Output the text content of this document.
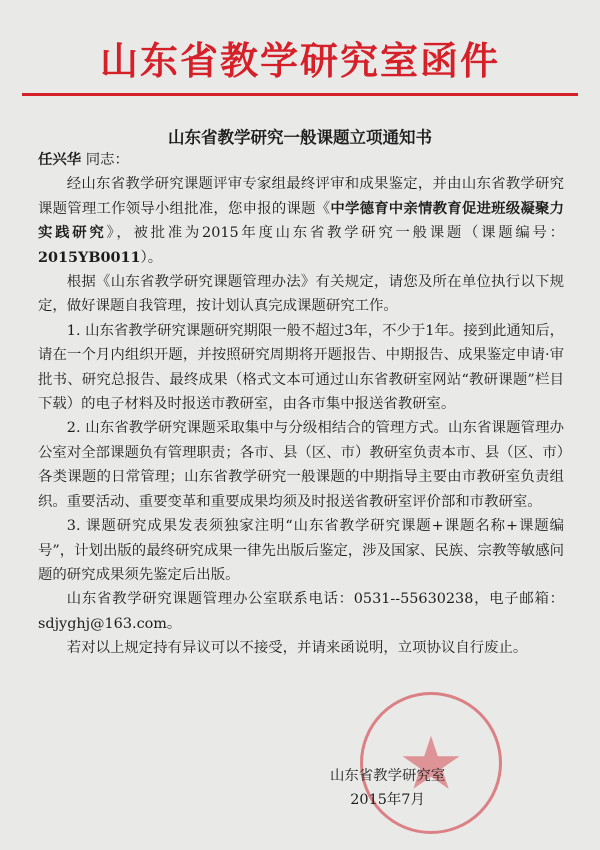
山东省教学研究室函件
山东省教学研究一般课题立项通知书

任兴华 同志：

经山东省教学研究课题评审专家组最终评审和成果鉴定，并由山东省教学研究课题管理工作领导小组批准，您申报的课题《中学德育中亲情教育促进班级凝聚力实践研究》，被批准为2015年度山东省教学研究一般课题（课题编号：2015YB0011）。

根据《山东省教学研究课题管理办法》有关规定，请您及所在单位执行以下规定，做好课题自我管理，按计划认真完成课题研究工作。

1. 山东省教学研究课题研究期限一般不超过3年，不少于1年。接到此通知后，请在一个月内组织开题，并按照研究周期将开题报告、中期报告、成果鉴定申请·审批书、研究总报告、最终成果（格式文本可通过山东省教研室网站“教研课题”栏目下载）的电子材料及时报送市教研室，由各市集中报送省教研室。

2. 山东省教学研究课题采取集中与分级相结合的管理方式。山东省课题管理办公室对全部课题负有管理职责；各市、县（区、市）教研室负责本市、县（区、市）各类课题的日常管理；山东省教学研究一般课题的中期指导主要由市教研室负责组织。重要活动、重要变革和重要成果均须及时报送省教研室评价部和市教研室。

3. 课题研究成果发表须独家注明“山东省教学研究课题+课题名称+课题编号”，计划出版的最终研究成果一律先出版后鉴定，涉及国家、民族、宗教等敏感问题的研究成果须先鉴定后出版。

山东省教学研究课题管理办公室联系电话：0531--55630238，电子邮箱：sdjyghj@163.com。

若对以上规定持有异议可以不接受，并请来函说明，立项协议自行废止。

山东省教学研究室
2015年7月
